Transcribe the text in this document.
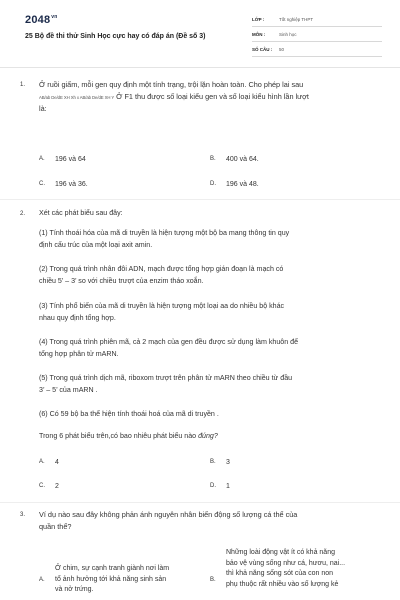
$2048^{vn}$
25 Bộ đề thi thử Sinh Học cực hay có đáp án (Đề số 3)
LỚP :	Tốt nghiệp THPT
MÔN :	Sinh học
SỐ CÂU : 50
1. Ở ruồi giấm, mỗi gen quy định một tính trạng, trội lặn hoàn toàn. Cho phép lai sau
AB/ab De/dE XH Xh x AB/ab De/dE XH Y Ở F1 thu được số loại kiểu gen và số loại kiểu hình lần lượt
là:
A. 196 và 64	B. 400 và 64.
C. 196 và 36.	D. 196 và 48.
2. Xét các phát biểu sau đây:
(1) Tính thoái hóa của mã di truyền là hiện tượng một bộ ba mang thông tin quy
định cấu trúc của một loại axit amin.
(2) Trong quá trình nhân đôi ADN, mạch được tổng hợp gián đoạn là mạch có
chiều 5’ – 3’ so với chiều trượt của enzim tháo xoắn.
(3) Tính phổ biến của mã di truyền là hiện tượng một loại aa do nhiều bộ khác
nhau quy định tổng hợp.
(4) Trong quá trình phiên mã, cả 2 mạch của gen đều được sử dụng làm khuôn để
tổng hợp phân tử mARN.
(5) Trong quá trình dịch mã, riboxom trượt trên phân tử mARN theo chiều từ đầu
3’ – 5’ của mARN .
(6) Có 59 bộ ba thể hiện tính thoái hoá của mã di truyền .
Trong 6 phát biểu trên,có bao nhiêu phát biểu nào đúng?
A. 4	B. 3
C. 2	D. 1
3. Ví dụ nào sau đây không phản ánh nguyên nhân biến động số lượng cá thể của
quần thể?
A.
Ở chim, sự cạnh tranh giành nơi làm
tổ ảnh hưởng tới khả năng sinh sản
và nở trứng.
B.
Những loài động vật ít có khả năng
bảo vệ vùng sống như cá, hươu, nai...
thì khả năng sống sót của con non
phụ thuộc rất nhiều vào số lượng kẻ
